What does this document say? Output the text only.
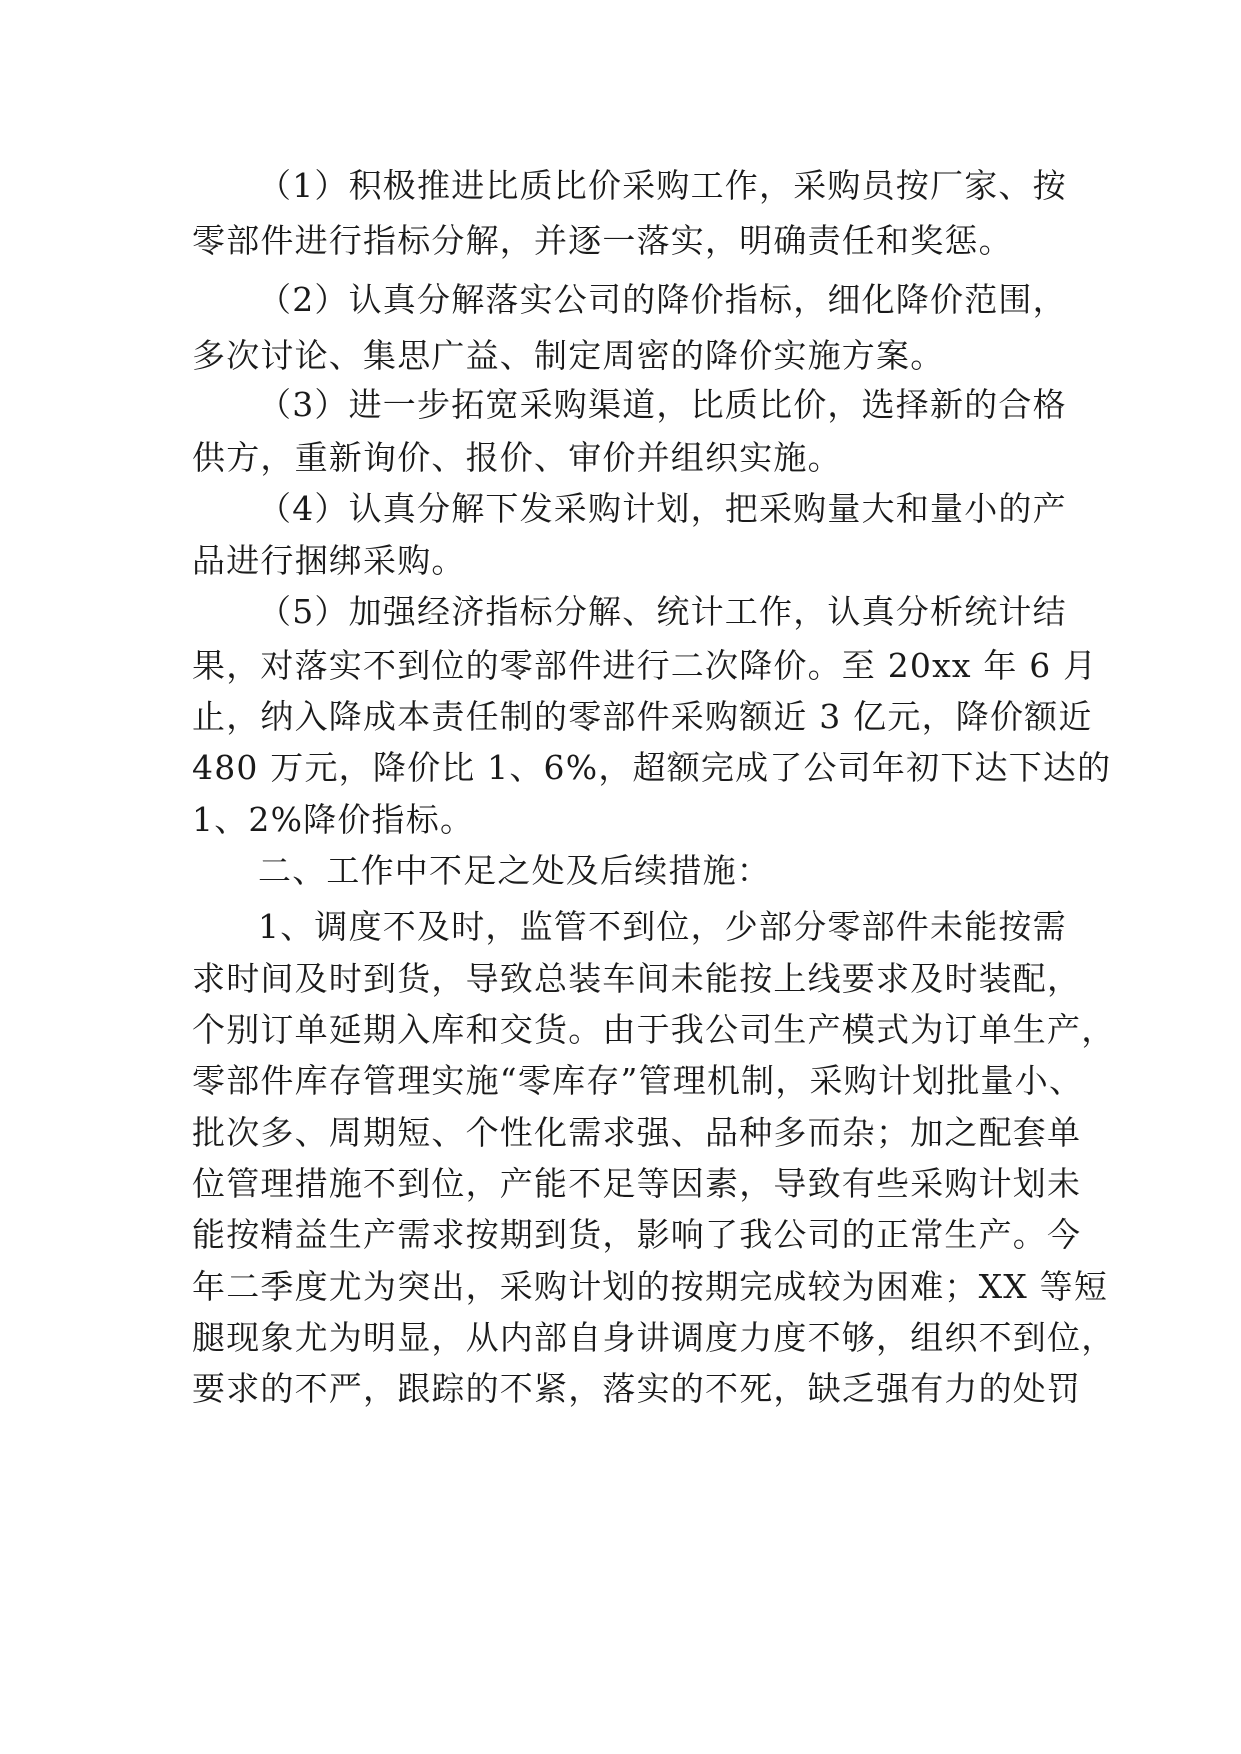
（1）积极推进比质比价采购工作，采购员按厂家、按
零部件进行指标分解，并逐一落实，明确责任和奖惩。
（2）认真分解落实公司的降价指标，细化降价范围，
多次讨论、集思广益、制定周密的降价实施方案。
（3）进一步拓宽采购渠道，比质比价，选择新的合格
供方，重新询价、报价、审价并组织实施。
（4）认真分解下发采购计划，把采购量大和量小的产
品进行捆绑采购。
（5）加强经济指标分解、统计工作，认真分析统计结
果，对落实不到位的零部件进行二次降价。至 20xx 年 6 月
止，纳入降成本责任制的零部件采购额近 3 亿元，降价额近
480 万元，降价比 1、6%，超额完成了公司年初下达下达的
1、2%降价指标。
二、工作中不足之处及后续措施：
1、调度不及时，监管不到位，少部分零部件未能按需
求时间及时到货，导致总装车间未能按上线要求及时装配，
个别订单延期入库和交货。由于我公司生产模式为订单生产，
零部件库存管理实施“零库存”管理机制，采购计划批量小、
批次多、周期短、个性化需求强、品种多而杂；加之配套单
位管理措施不到位，产能不足等因素，导致有些采购计划未
能按精益生产需求按期到货，影响了我公司的正常生产。今
年二季度尤为突出，采购计划的按期完成较为困难；XX 等短
腿现象尤为明显，从内部自身讲调度力度不够，组织不到位，
要求的不严，跟踪的不紧，落实的不死，缺乏强有力的处罚
